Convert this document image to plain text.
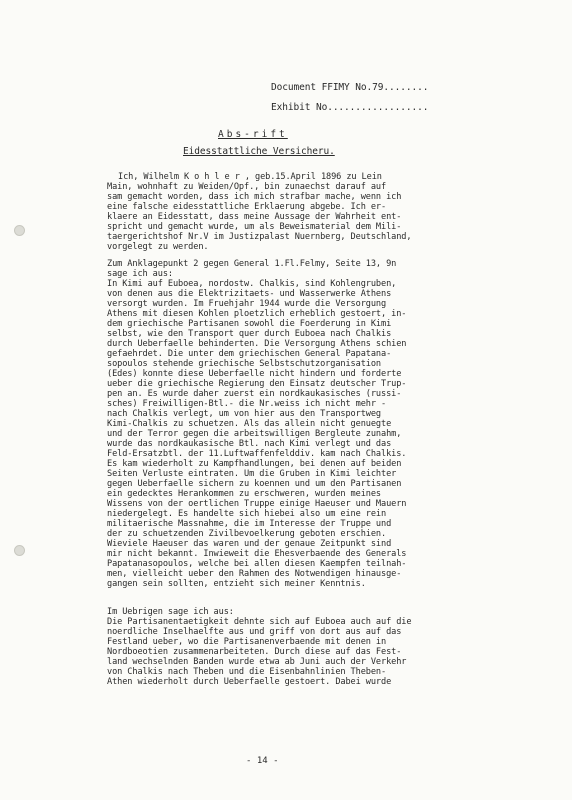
Document FFIMY No.79........
Exhibit No..................
Abs-rift
Eidesstattliche Versicheru.
Ich, Wilhelm K o h l e r , geb.15.April 1896 zu Lein
Main, wohnhaft zu Weiden/Opf., bin zunaechst darauf auf
sam gemacht worden, dass ich mich strafbar mache, wenn ich
eine falsche eidesstattliche Erklaerung abgebe. Ich er-
klaere an Eidesstatt, dass meine Aussage der Wahrheit ent-
spricht und gemacht wurde, um als Beweismaterial dem Mili-
taergerichtshof Nr.V im Justizpalast Nuernberg, Deutschland,
vorgelegt zu werden.
Zum Anklagepunkt 2 gegen General 1.Fl.Felmy, Seite 13, 9n
sage ich aus:
In Kimi auf Euboea, nordostw. Chalkis, sind Kohlengruben,
von denen aus die Elektrizitaets- und Wasserwerke Athens
versorgt wurden. Im Fruehjahr 1944 wurde die Versorgung
Athens mit diesen Kohlen ploetzlich erheblich gestoert, in-
dem griechische Partisanen sowohl die Foerderung in Kimi
selbst, wie den Transport quer durch Euboea nach Chalkis
durch Ueberfaelle behinderten. Die Versorgung Athens schien
gefaehrdet. Die unter dem griechischen General Papatana-
sopoulos stehende griechische Selbstschutzorganisation
(Edes) konnte diese Ueberfaelle nicht hindern und forderte
ueber die griechische Regierung den Einsatz deutscher Trup-
pen an. Es wurde daher zuerst ein nordkaukasisches (russi-
sches) Freiwilligen-Btl.- die Nr.weiss ich nicht mehr -
nach Chalkis verlegt, um von hier aus den Transportweg
Kimi-Chalkis zu schuetzen. Als das allein nicht genuegte
und der Terror gegen die arbeitswilligen Bergleute zunahm,
wurde das nordkaukasische Btl. nach Kimi verlegt und das
Feld-Ersatzbtl. der 11.Luftwaffenfelddiv. kam nach Chalkis.
Es kam wiederholt zu Kampfhandlungen, bei denen auf beiden
Seiten Verluste eintraten. Um die Gruben in Kimi leichter
gegen Ueberfaelle sichern zu koennen und um den Partisanen
ein gedecktes Herankommen zu erschweren, wurden meines
Wissens von der oertlichen Truppe einige Haeuser und Mauern
niedergelegt. Es handelte sich hiebei also um eine rein
militaerische Massnahme, die im Interesse der Truppe und
der zu schuetzenden Zivilbevoelkerung geboten erschien.
Wieviele Haeuser das waren und der genaue Zeitpunkt sind
mir nicht bekannt. Inwieweit die Ehesverbaende des Generals
Papatanasopoulos, welche bei allen diesen Kaempfen teilnah-
men, vielleicht ueber den Rahmen des Notwendigen hinausge-
gangen sein sollten, entzieht sich meiner Kenntnis.
Im Uebrigen sage ich aus:
Die Partisanentaetigkeit dehnte sich auf Euboea auch auf die
noerdliche Inselhaelfte aus und griff von dort aus auf das
Festland ueber, wo die Partisanenverbaende mit denen in
Nordboeotien zusammenarbeiteten. Durch diese auf das Fest-
land wechselnden Banden wurde etwa ab Juni auch der Verkehr
von Chalkis nach Theben und die Eisenbahnlinien Theben-
Athen wiederholt durch Ueberfaelle gestoert. Dabei wurde
- 14 -
